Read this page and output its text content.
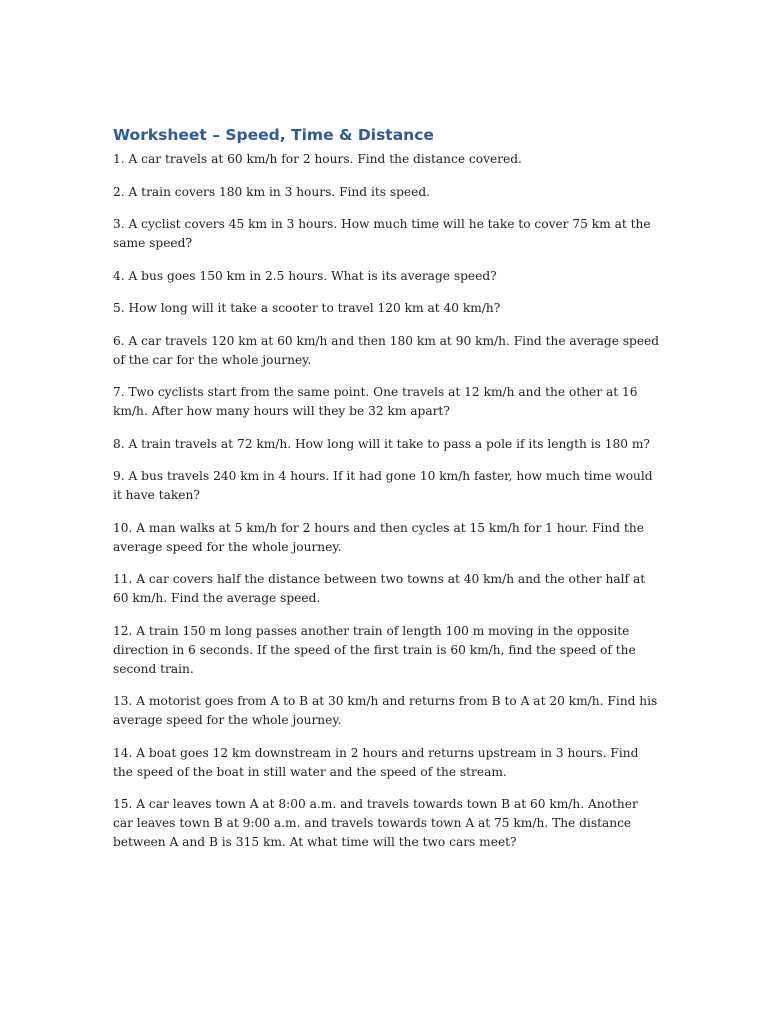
Worksheet – Speed, Time & Distance

1. A car travels at 60 km/h for 2 hours. Find the distance covered.

2. A train covers 180 km in 3 hours. Find its speed.

3. A cyclist covers 45 km in 3 hours. How much time will he take to cover 75 km at the same speed?

4. A bus goes 150 km in 2.5 hours. What is its average speed?

5. How long will it take a scooter to travel 120 km at 40 km/h?

6. A car travels 120 km at 60 km/h and then 180 km at 90 km/h. Find the average speed of the car for the whole journey.

7. Two cyclists start from the same point. One travels at 12 km/h and the other at 16 km/h. After how many hours will they be 32 km apart?

8. A train travels at 72 km/h. How long will it take to pass a pole if its length is 180 m?

9. A bus travels 240 km in 4 hours. If it had gone 10 km/h faster, how much time would it have taken?

10. A man walks at 5 km/h for 2 hours and then cycles at 15 km/h for 1 hour. Find the average speed for the whole journey.

11. A car covers half the distance between two towns at 40 km/h and the other half at 60 km/h. Find the average speed.

12. A train 150 m long passes another train of length 100 m moving in the opposite direction in 6 seconds. If the speed of the first train is 60 km/h, find the speed of the second train.

13. A motorist goes from A to B at 30 km/h and returns from B to A at 20 km/h. Find his average speed for the whole journey.

14. A boat goes 12 km downstream in 2 hours and returns upstream in 3 hours. Find the speed of the boat in still water and the speed of the stream.

15. A car leaves town A at 8:00 a.m. and travels towards town B at 60 km/h. Another car leaves town B at 9:00 a.m. and travels towards town A at 75 km/h. The distance between A and B is 315 km. At what time will the two cars meet?
